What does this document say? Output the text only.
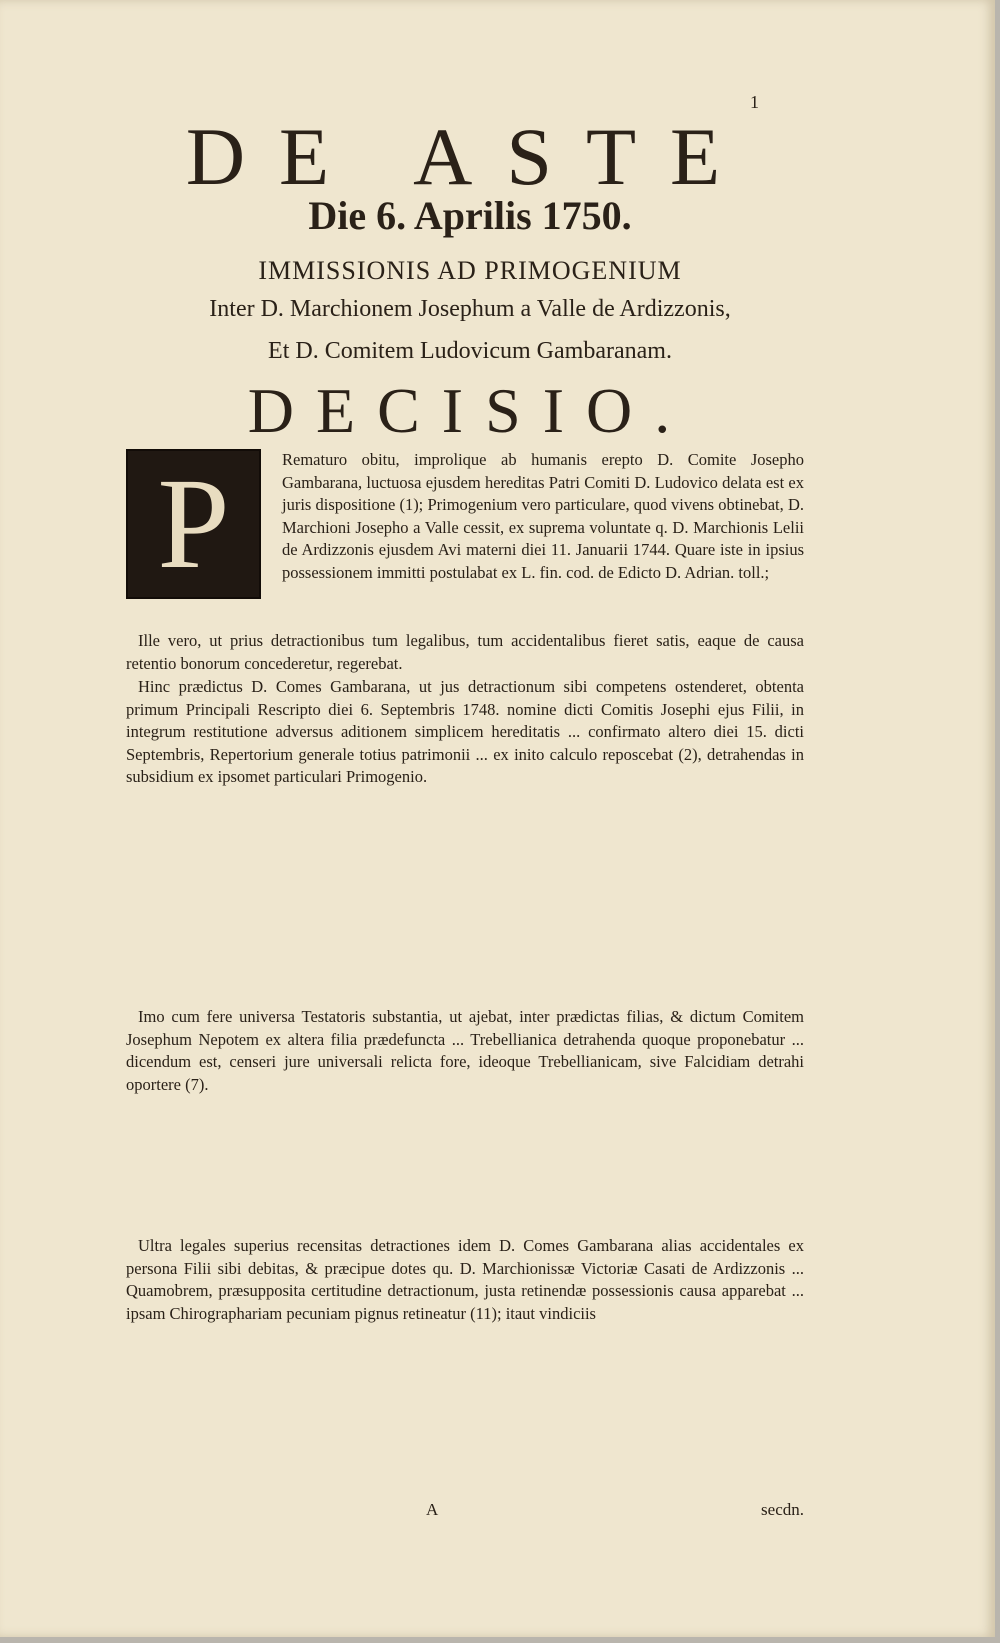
1
DE ASTE
Die 6. Aprilis 1750.
IMMISSIONIS AD PRIMOGENIUM
Inter D. Marchionem Josephum a Valle de Ardizzonis,
Et D. Comitem Ludovicum Gambaranam.
DECISIO.
P	Rematuro obitu, improlique ab humanis erepto D. Comite Josepho Gambarana, luctuosa ejusdem hereditas Patri Comiti D. Ludovico delata est ex juris dispositione (1); Primogenium vero particulare, quod vivens obtinebat, D. Marchioni Josepho a Valle cessit, ex suprema voluntate q. D. Marchionis Lelii de Ardizzonis ejusdem Avi materni diei 11. Januarii 1744. Quare iste in ipsius possessionem immitti postulabat ex L. fin. cod. de Edicto D. Adrian. toll.;

Ille vero, ut prius detractionibus tum legalibus, tum accidentalibus fieret satis, eaque de causa retentio bonorum concederetur, regerebat.

Hinc prædictus D. Comes Gambarana, ut jus detractionum sibi competens ostenderet, obtenta primum Principali Rescripto diei 6. Septembris 1748. nomine dicti Comitis Josephi ejus Filii, in integrum restitutione adversus aditionem simplicem hereditatis ... confirmato altero diei 15. dicti Septembris, Repertorium generale totius patrimonii ... ex inito calculo reposcebat (2), detrahendas in subsidium ex ipsomet particulari Primogenio.

Imo cum fere universa Testatoris substantia, ut ajebat, inter prædictas filias, & dictum Comitem Josephum Nepotem ex altera filia prædefuncta ... Trebellianica detrahenda quoque proponebatur ... dicendum est, censeri jure universali relicta fore, ideoque Trebellianicam, sive Falcidiam detrahi oportere (7).

Ultra legales superius recensitas detractiones idem D. Comes Gambarana alias accidentales ex persona Filii sibi debitas, & præcipue dotes qu. D. Marchionissæ Victoriæ Casati de Ardizzonis ... Quamobrem, præsupposita certitudine detractionum, justa retinendæ possessionis causa apparebat ... ipsam Chirographariam pecuniam pignus retineatur (11); itaut vindiciis

A	secdn.
